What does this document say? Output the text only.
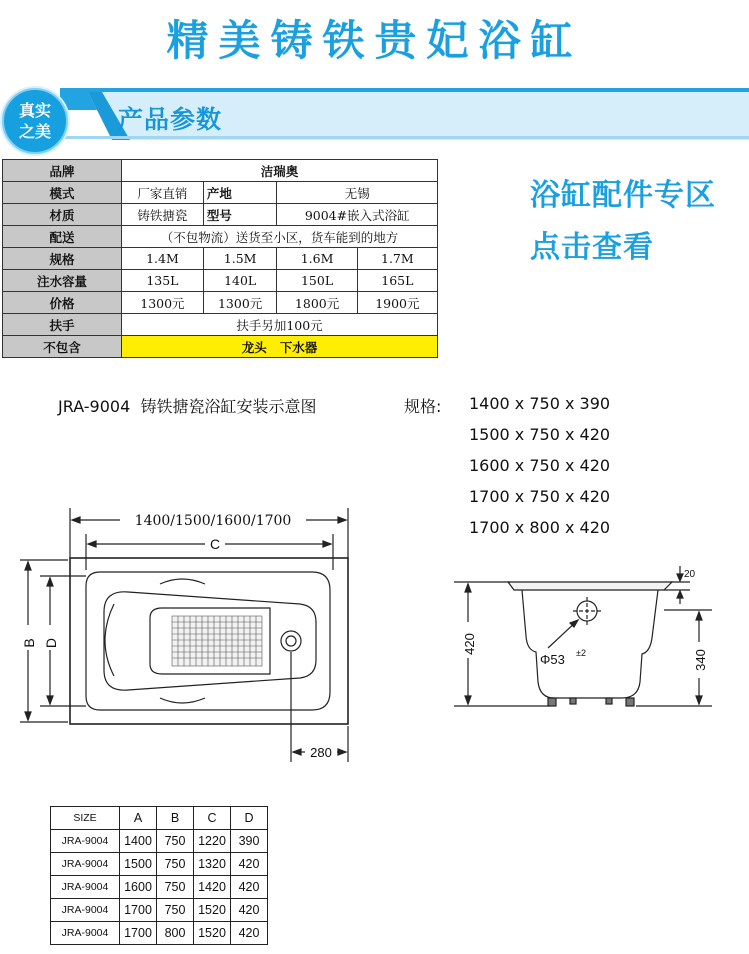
精美铸铁贵妃浴缸
产品参数
真实
之美
品牌	洁瑞奥			
模式	厂家直销	产地	无锡	
材质	铸铁搪瓷	型号	9004#嵌入式浴缸	
配送	（不包物流）送货至小区，货车能到的地方			
规格	1.4M	1.5M	1.6M	1.7M
注水容量	135L	140L	150L	165L
价格	1300元	1300元	1800元	1900元
扶手	扶手另加100元			
不包含	龙头   下水器			
浴缸配件专区
点击查看
JRA-9004  铸铁搪瓷浴缸安装示意图	规格: 1400 x 750 x 390
1500 x 750 x 420
1600 x 750 x 420
1700 x 750 x 420
1700 x 800 x 420
1400/1500/1600/1700
C
B D
280
420
340
20
Φ53 ±2
SIZE	A	B	C	D
JRA-9004	1400	750	1220	390
JRA-9004	1500	750	1320	420
JRA-9004	1600	750	1420	420
JRA-9004	1700	750	1520	420
JRA-9004	1700	800	1520	420
